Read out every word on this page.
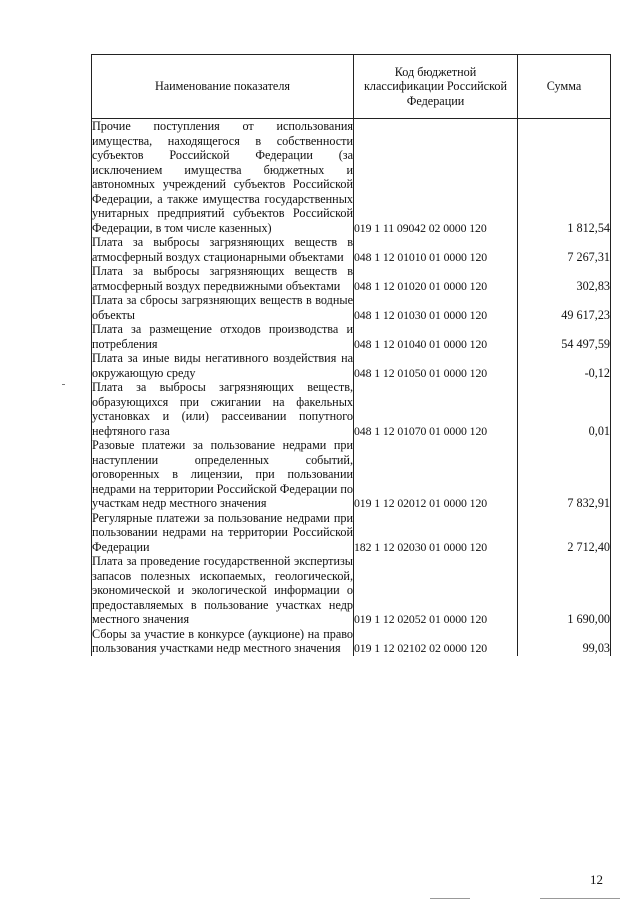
Наименование показателя	Код бюджетной классификации Российской Федерации	Сумма
Прочие поступления от использования имущества, находящегося в собственности субъектов Российской Федерации (за исключением имущества бюджетных и автономных учреждений субъектов Российской Федерации, а также имущества государственных унитарных предприятий субъектов Российской Федерации, в том числе казенных)	019 1 11 09042 02 0000 120	1 812,54
Плата за выбросы загрязняющих веществ в атмосферный воздух стационарными объектами	048 1 12 01010 01 0000 120	7 267,31
Плата за выбросы загрязняющих веществ в атмосферный воздух передвижными объектами	048 1 12 01020 01 0000 120	302,83
Плата за сбросы загрязняющих веществ в водные объекты	048 1 12 01030 01 0000 120	49 617,23
Плата за размещение отходов производства и потребления	048 1 12 01040 01 0000 120	54 497,59
Плата за иные виды негативного воздействия на окружающую среду	048 1 12 01050 01 0000 120	-0,12
Плата за выбросы загрязняющих веществ, образующихся при сжигании на факельных установках и (или) рассеивании попутного нефтяного газа	048 1 12 01070 01 0000 120	0,01
Разовые платежи за пользование недрами при наступлении определенных событий, оговоренных в лицензии, при пользовании недрами на территории Российской Федерации по участкам недр местного значения	019 1 12 02012 01 0000 120	7 832,91
Регулярные платежи за пользование недрами при пользовании недрами на территории Российской Федерации	182 1 12 02030 01 0000 120	2 712,40
Плата за проведение государственной экспертизы запасов полезных ископаемых, геологической, экономической и экологической информации о предоставляемых в пользование участках недр местного значения	019 1 12 02052 01 0000 120	1 690,00
Сборы за участие в конкурсе (аукционе) на право пользования участками недр местного значения	019 1 12 02102 02 0000 120	99,03
12
